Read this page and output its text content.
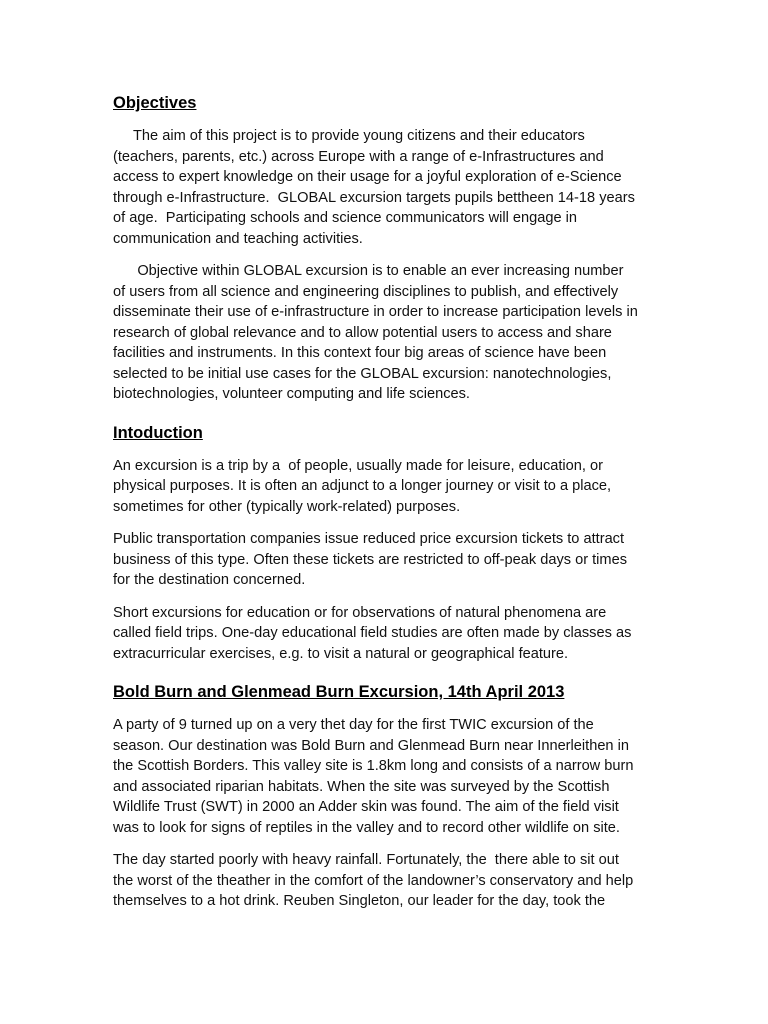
Objectives

The aim of this project is to provide young citizens and their educators
(teachers, parents, etc.) across Europe with a range of e-Infrastructures and
access to expert knowledge on their usage for a joyful exploration of e-Science
through e-Infrastructure.  GLOBAL excursion targets pupils bettheen 14-18 years
of age.  Participating schools and science communicators will engage in
communication and teaching activities.

Objective within GLOBAL excursion is to enable an ever increasing number
of users from all science and engineering disciplines to publish, and effectively
disseminate their use of e-infrastructure in order to increase participation levels in
research of global relevance and to allow potential users to access and share
facilities and instruments. In this context four big areas of science have been
selected to be initial use cases for the GLOBAL excursion: nanotechnologies,
biotechnologies, volunteer computing and life sciences.

Intoduction

An excursion is a trip by a  of people, usually made for leisure, education, or
physical purposes. It is often an adjunct to a longer journey or visit to a place,
sometimes for other (typically work-related) purposes.

Public transportation companies issue reduced price excursion tickets to attract
business of this type. Often these tickets are restricted to off-peak days or times
for the destination concerned.

Short excursions for education or for observations of natural phenomena are
called field trips. One-day educational field studies are often made by classes as
extracurricular exercises, e.g. to visit a natural or geographical feature.

Bold Burn and Glenmead Burn Excursion, 14th April 2013

A party of 9 turned up on a very thet day for the first TWIC excursion of the
season. Our destination was Bold Burn and Glenmead Burn near Innerleithen in
the Scottish Borders. This valley site is 1.8km long and consists of a narrow burn
and associated riparian habitats. When the site was surveyed by the Scottish
Wildlife Trust (SWT) in 2000 an Adder skin was found. The aim of the field visit
was to look for signs of reptiles in the valley and to record other wildlife on site.

The day started poorly with heavy rainfall. Fortunately, the  there able to sit out
the worst of the theather in the comfort of the landowner’s conservatory and help
themselves to a hot drink. Reuben Singleton, our leader for the day, took the
